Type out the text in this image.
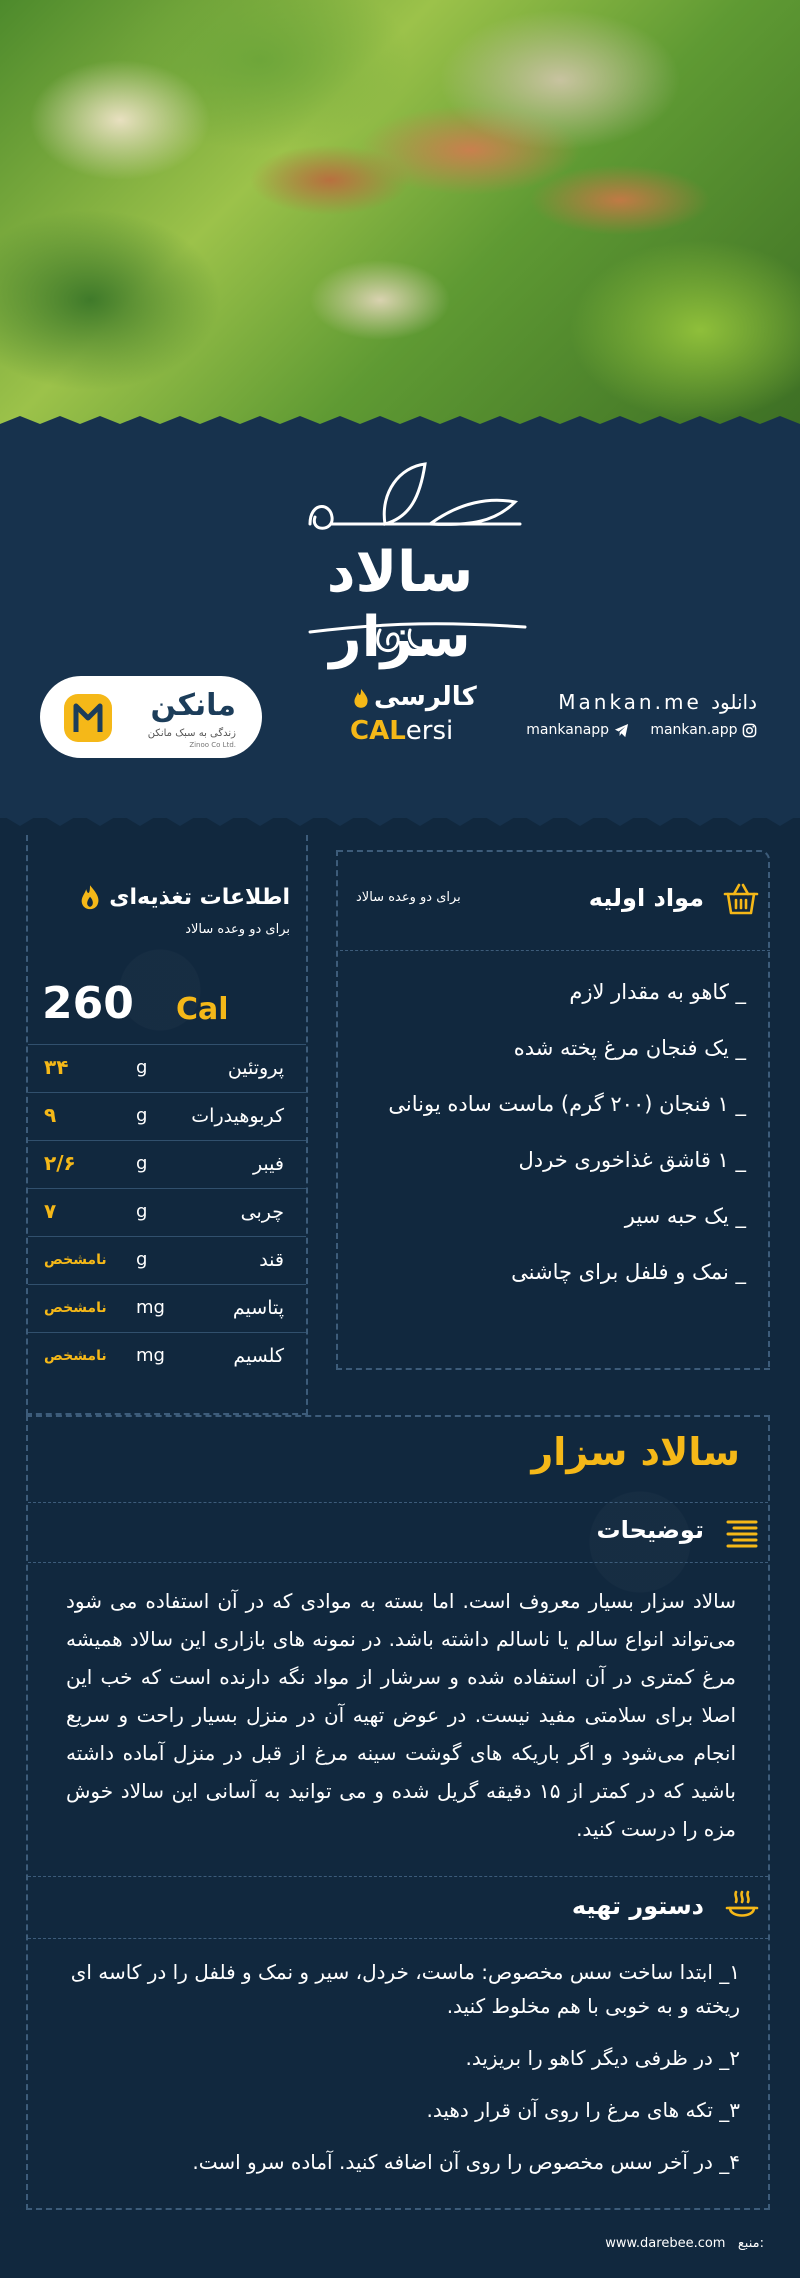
سالاد سزار
مانکن
زندگی به سبک مانکن
Zinoo Co Ltd.
کالرسی
CALersi
Mankan.me دانلود
mankanapp	mankan.app
اطلاعات تغذیه‌ای
برای دو وعده سالاد
260 Cal
پروتئین
g
۳۴
کربوهیدرات
g
۹
فیبر
g
۲/۶
چربی
g
۷
قند
g
نامشخص
پتاسیم
mg
نامشخص
کلسیم
mg
نامشخص
مواد اولیه
برای دو وعده سالاد
_ کاهو به مقدار لازم
_ یک فنجان مرغ پخته شده
_ ۱ فنجان (۲۰۰ گرم) ماست ساده یونانی
_ ۱ قاشق غذاخوری خردل
_ یک حبه سیر
_ نمک و فلفل برای چاشنی
سالاد سزار
توضیحات
سالاد سزار بسیار معروف است. اما بسته به موادی که در آن استفاده می شود می‌تواند انواع سالم یا ناسالم داشته باشد. در نمونه های بازاری این سالاد همیشه مرغ کمتری در آن استفاده شده و سرشار از مواد نگه دارنده است که خب این اصلا برای سلامتی مفید نیست. در عوض تهیه آن در منزل بسیار راحت و سریع انجام می‌شود و اگر باریکه های گوشت سینه مرغ از قبل در منزل آماده داشته باشید که در کمتر از ۱۵ دقیقه گریل شده و می توانید به آسانی این سالاد خوش مزه را درست کنید.
دستور تهیه
۱_ ابتدا ساخت سس مخصوص: ماست، خردل، سیر و نمک و فلفل را در کاسه ای ریخته و به خوبی با هم مخلوط کنید.
۲_ در ظرفی دیگر کاهو را بریزید.
۳_ تکه های مرغ را روی آن قرار دهید.
۴_ در آخر سس مخصوص را روی آن اضافه کنید. آماده سرو است.
www.darebee.com منبع:
